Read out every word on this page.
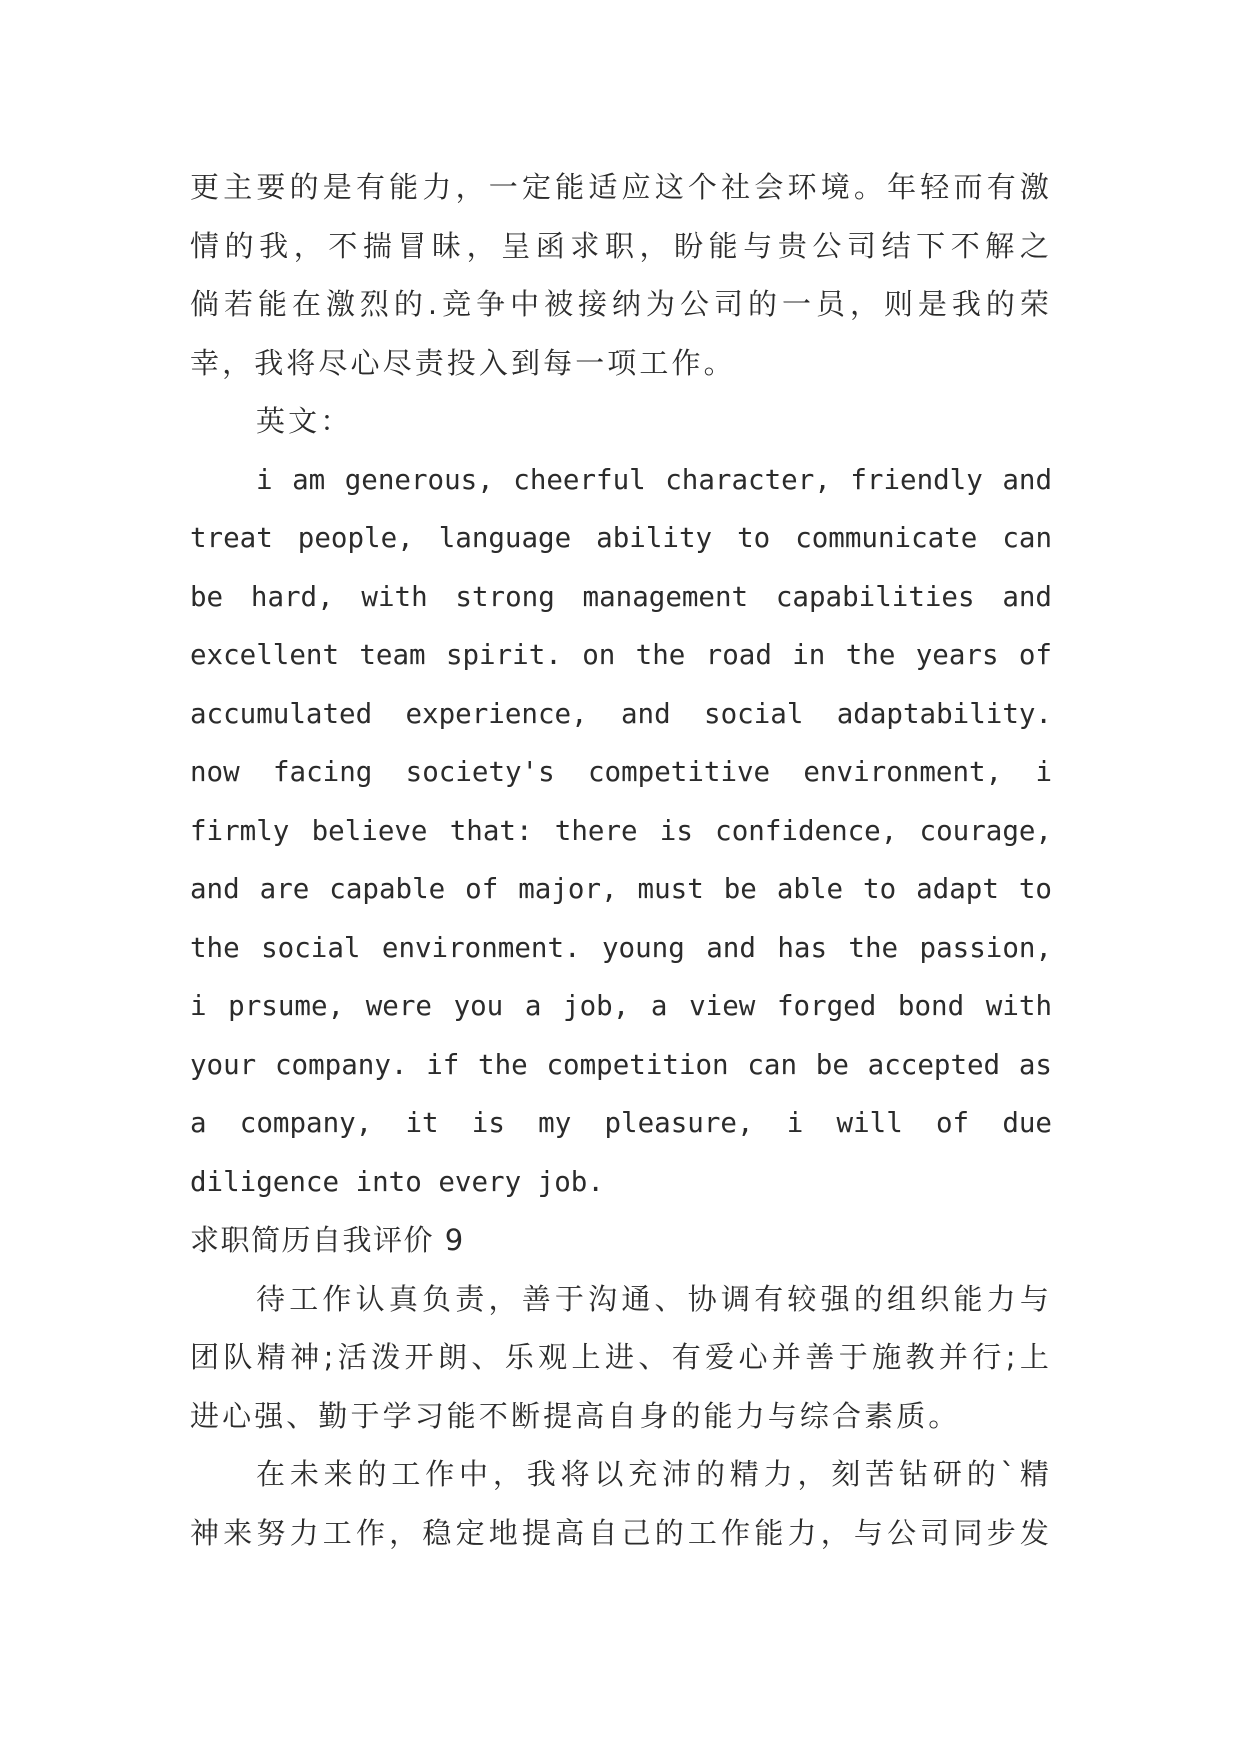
更主要的是有能力，一定能适应这个社会环境。年轻而有激
情的我，不揣冒昧，呈函求职，盼能与贵公司结下不解之
倘若能在激烈的.竞争中被接纳为公司的一员，则是我的荣
幸，我将尽心尽责投入到每一项工作。
英文：
i am generous, cheerful character, friendly and
treat people, language ability to communicate can
be hard, with strong management capabilities and
excellent team spirit. on the road in the years of
accumulated experience, and social adaptability.
now facing society's competitive environment, i
firmly believe that: there is confidence, courage,
and are capable of major, must be able to adapt to
the social environment. young and has the passion,
i prsume, were you a job, a view forged bond with
your company. if the competition can be accepted as
a company, it is my pleasure, i will of due
diligence into every job.
求职简历自我评价 9
待工作认真负责，善于沟通、协调有较强的组织能力与
团队精神;活泼开朗、乐观上进、有爱心并善于施教并行;上
进心强、勤于学习能不断提高自身的能力与综合素质。
在未来的工作中，我将以充沛的精力，刻苦钻研的`精
神来努力工作，稳定地提高自己的工作能力，与公司同步发
